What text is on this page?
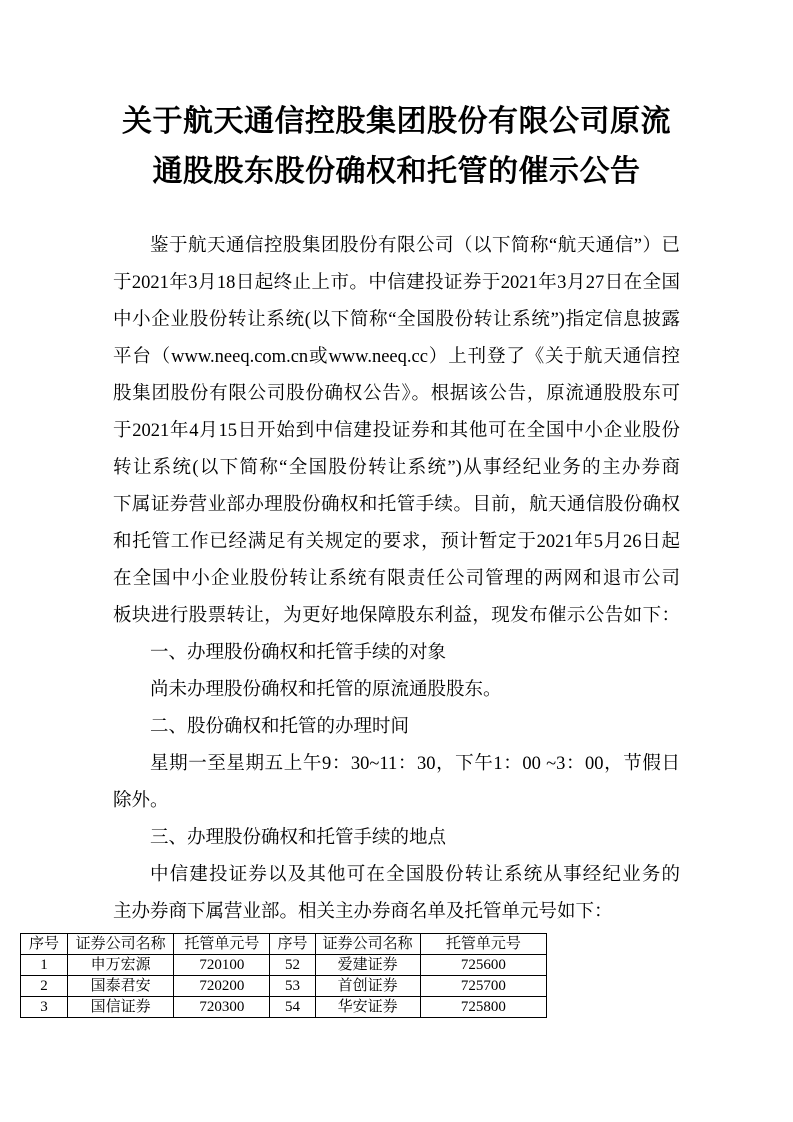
关于航天通信控股集团股份有限公司原流
通股股东股份确权和托管的催示公告
鉴于航天通信控股集团股份有限公司（以下简称“航天通信”）已
于2021年3月18日起终止上市。中信建投证券于2021年3月27日在全国
中小企业股份转让系统(以下简称“全国股份转让系统”)指定信息披露
平台（www.neeq.com.cn或www.neeq.cc）上刊登了《关于航天通信控
股集团股份有限公司股份确权公告》。根据该公告，原流通股股东可
于2021年4月15日开始到中信建投证券和其他可在全国中小企业股份
转让系统(以下简称“全国股份转让系统”)从事经纪业务的主办券商
下属证券营业部办理股份确权和托管手续。目前，航天通信股份确权
和托管工作已经满足有关规定的要求，预计暂定于2021年5月26日起
在全国中小企业股份转让系统有限责任公司管理的两网和退市公司
板块进行股票转让，为更好地保障股东利益，现发布催示公告如下：
一、办理股份确权和托管手续的对象
尚未办理股份确权和托管的原流通股股东。
二、股份确权和托管的办理时间
星期一至星期五上午9：30~11：30，下午1：00 ~3：00，节假日
除外。
三、办理股份确权和托管手续的地点
中信建投证券以及其他可在全国股份转让系统从事经纪业务的
主办券商下属营业部。相关主办券商名单及托管单元号如下：
序号	证券公司名称	托管单元号	序号	证券公司名称	托管单元号
1	申万宏源	720100	52	爱建证券	725600
2	国泰君安	720200	53	首创证券	725700
3	国信证券	720300	54	华安证券	725800
